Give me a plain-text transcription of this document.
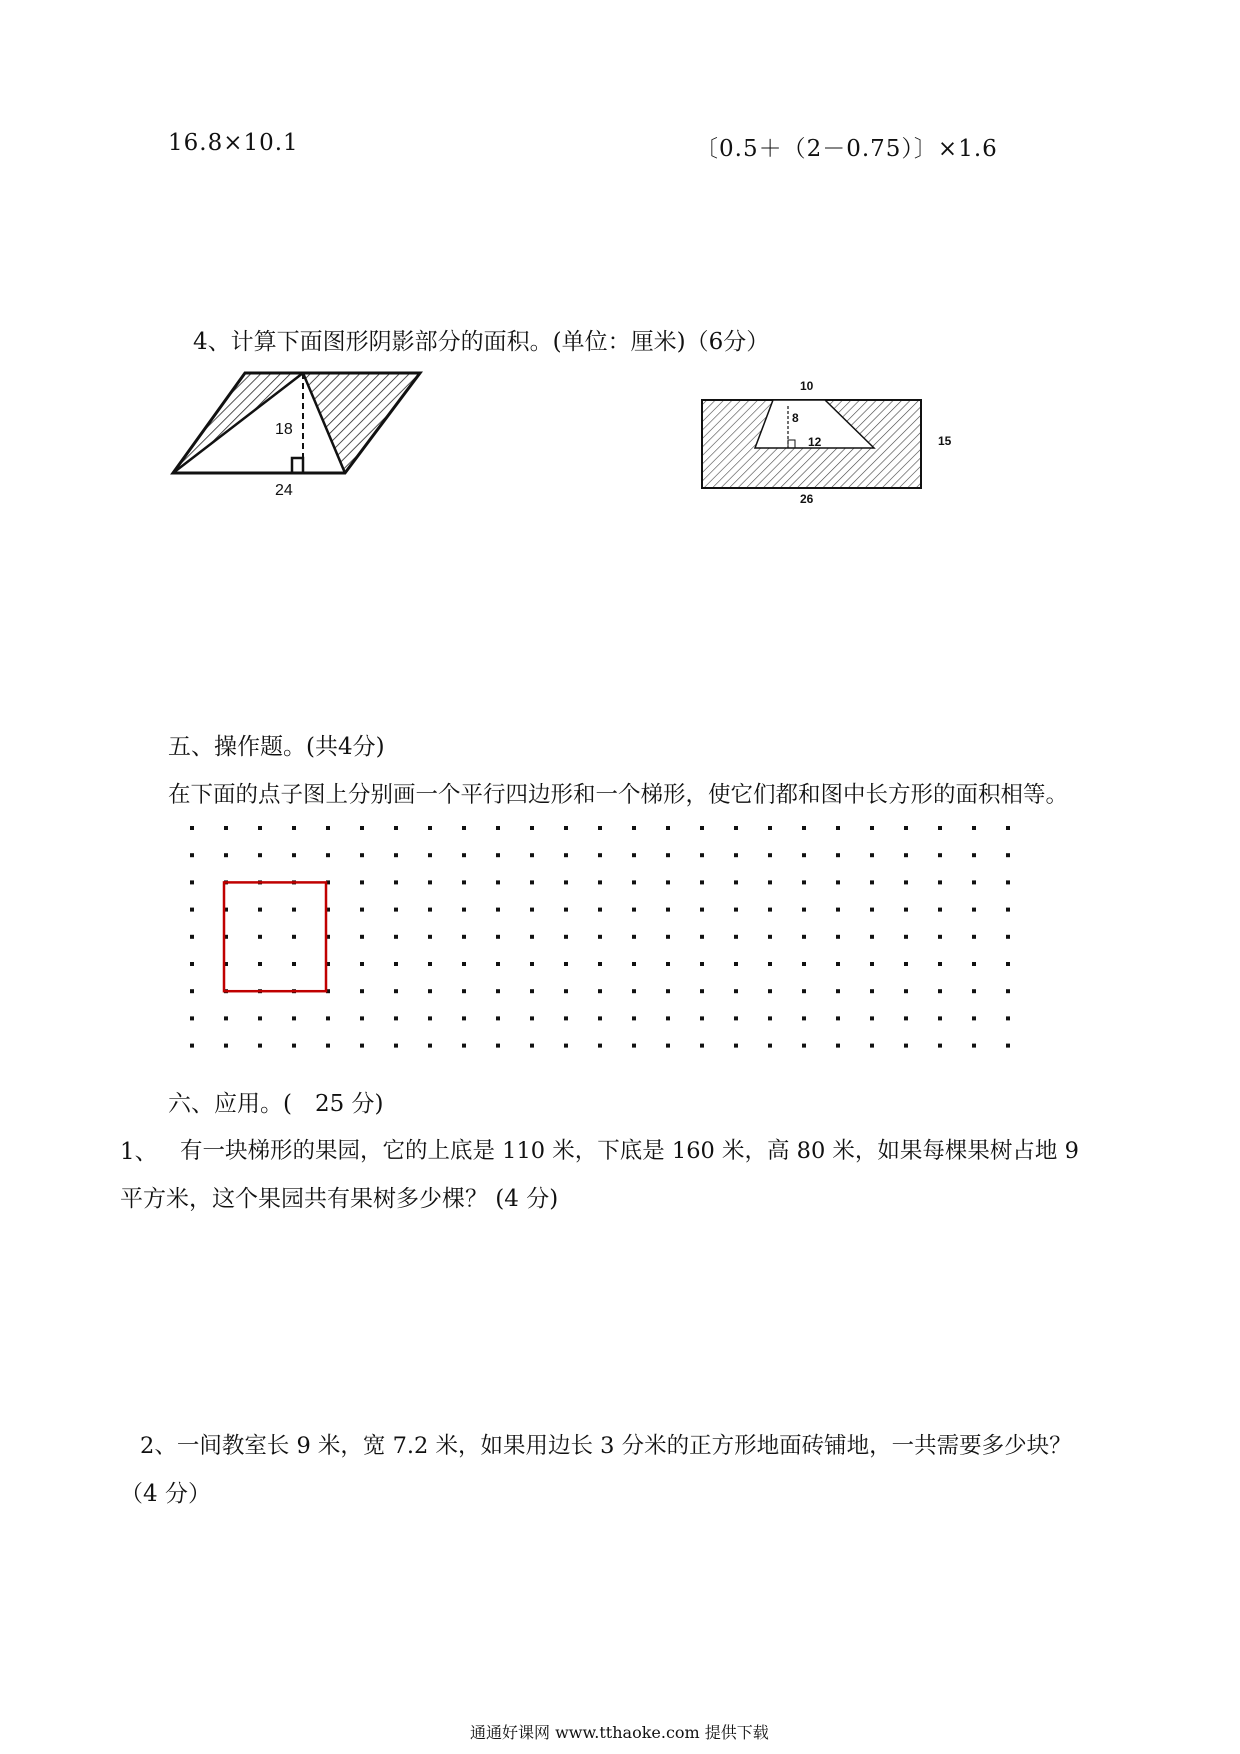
16.8×10.1	〔0.5＋（2－0.75）〕×1.6
4、计算下面图形阴影部分的面积。(单位：厘米)（6分）
18
24
10
8
12	15
26
五、操作题。(共4分)
在下面的点子图上分别画一个平行四边形和一个梯形，使它们都和图中长方形的面积相等。
六、应用。(　25 分)
1、 有一块梯形的果园，它的上底是 110 米，下底是 160 米，高 80 米，如果每棵果树占地 9
平方米，这个果园共有果树多少棵？ (4 分)
2、一间教室长 9 米，宽 7.2 米，如果用边长 3 分米的正方形地面砖铺地，一共需要多少块？
（4 分）
通通好课网 www.tthaoke.com 提供下载
